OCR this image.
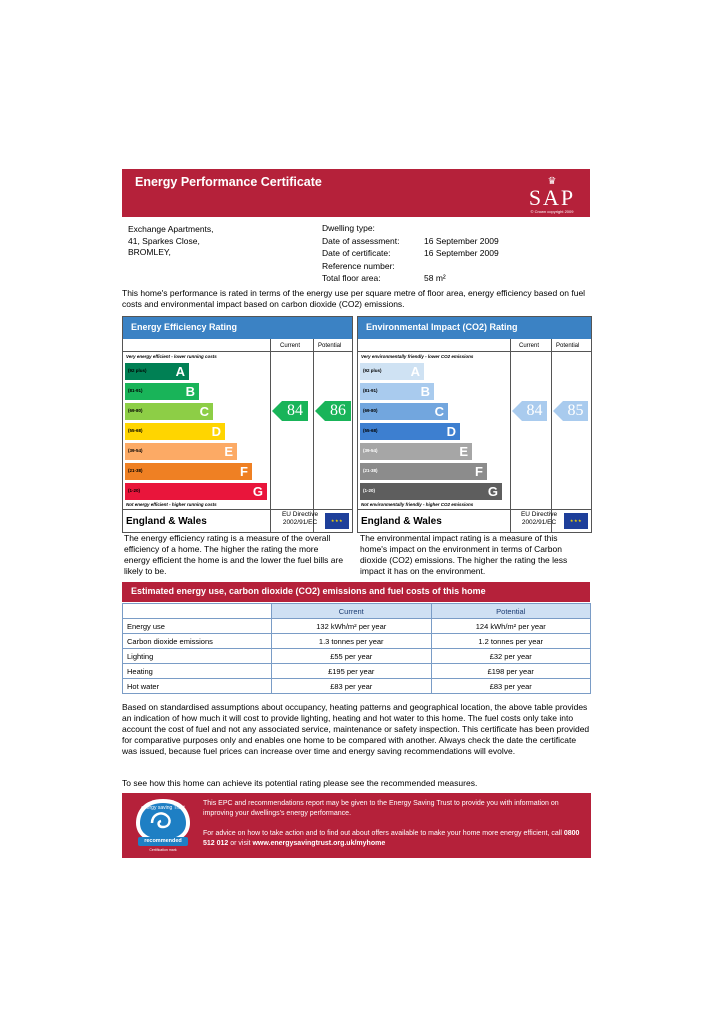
Energy Performance Certificate	♛
SAP
© Crown copyright 2009
Exchange Apartments,
41, Sparkes Close,
BROMLEY,
Dwelling type:
Date of assessment:	16 September 2009
Date of certificate:	16 September 2009
Reference number:
Total floor area:	58 m²
This home's performance is rated in terms of the energy use per square metre of floor area, energy efficiency based on fuel costs and environmental impact based on carbon dioxide (CO2) emissions.
Energy Efficiency Rating
Current	Potential
Very energy efficient - lower running costs
(92 plus) A
(81-91)	B
(69-80)	C
(55-68)	D
(39-54)	E
(21-38)	F
(1-20)	G
Not energy efficient - higher running costs
England & Wales
EU Directive 2002/91/EC	★★★
84	86
Environmental Impact (CO2) Rating
Current	Potential
Very environmentally friendly - lower CO2 emissions
(92 plus) A
(81-91)	B
(69-80)	C
(55-68)	D
(39-54)	E
(21-38)	F
(1-20)	G
Not environmentally friendly - higher CO2 emissions
England & Wales
EU Directive 2002/91/EC	★★★
84 85
The energy efficiency rating is a measure of the overall efficiency of a home. The higher the rating the more energy efficient the home is and the lower the fuel bills are likely to be.
The environmental impact rating is a measure of this home's impact on the environment in terms of Carbon dioxide (CO2) emissions. The higher the rating the less impact it has on the environment.
Estimated energy use, carbon dioxide (CO2) emissions and fuel costs of this home
	Current	Potential
Energy use	132 kWh/m² per year	124 kWh/m² per year
Carbon dioxide emissions	1.3 tonnes per year	1.2 tonnes per year
Lighting	£55 per year	£32 per year
Heating	£195 per year	£198 per year
Hot water	£83 per year	£83 per year
Based on standardised assumptions about occupancy, heating patterns and geographical location, the above table provides an indication of how much it will cost to provide lighting, heating and hot water to this home. The fuel costs only take into account the cost of fuel and not any associated service, maintenance or safety inspection. This certificate has been provided for comparative purposes only and enables one home to be compared with another. Always check the date the certificate was issued, because fuel prices can increase over time and energy saving recommendations will evolve.
To see how this home can achieve its potential rating please see the recommended measures.
energy saving Trust
recommended
Certification mark
This EPC and recommendations report may be given to the Energy Saving Trust to provide you with information on improving your dwellings's energy performance.
For advice on how to take action and to find out about offers available to make your home more energy efficient, call 0800 512 012 or visit www.energysavingtrust.org.uk/myhome
